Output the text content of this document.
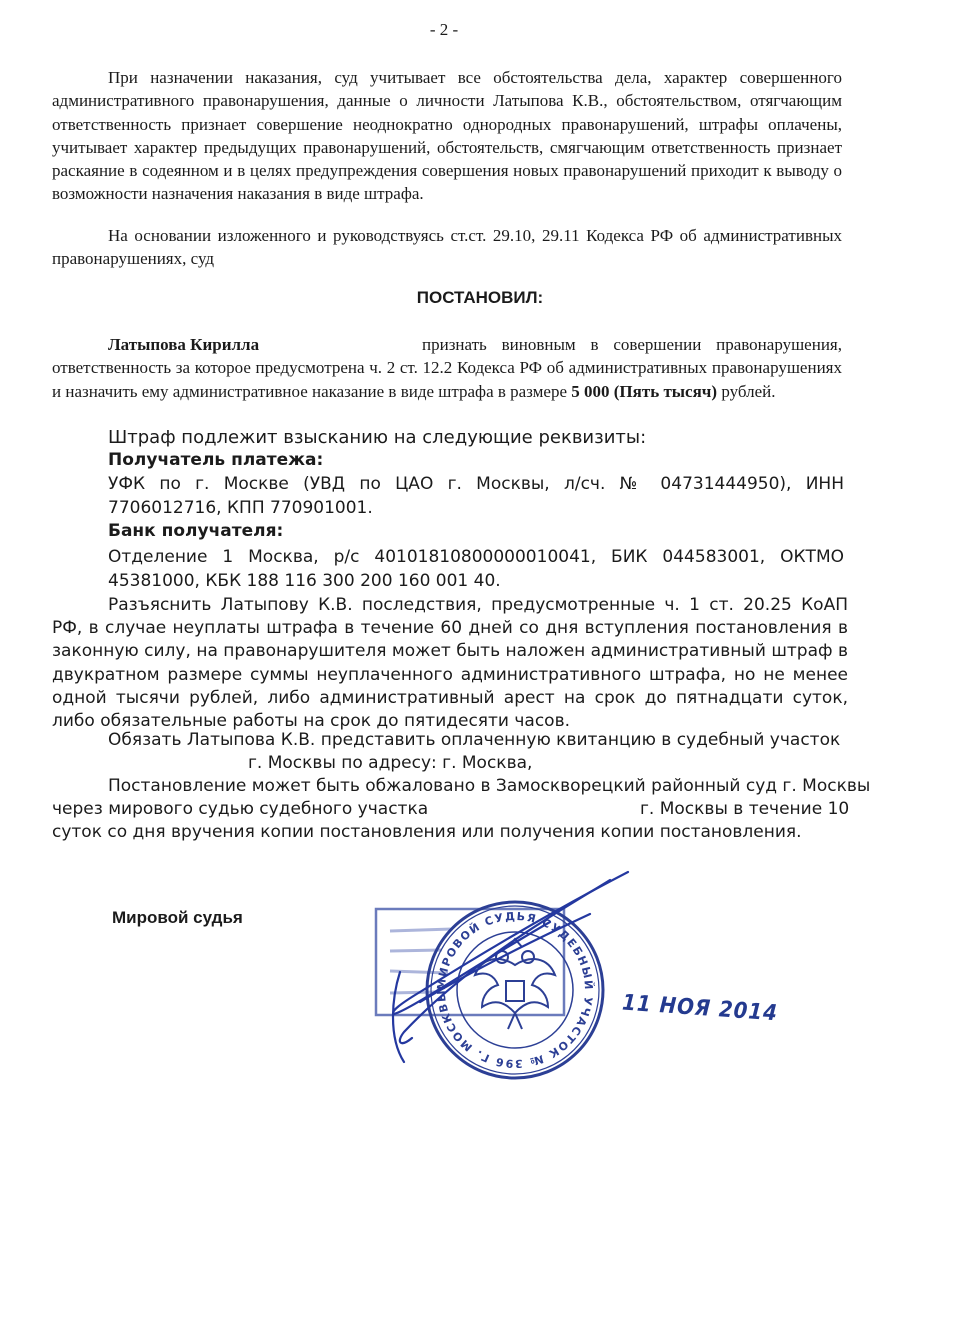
- 2 -

При назначении наказания, суд учитывает все обстоятельства дела, характер совершенного административного правонарушения, данные о личности Латыпова К.В., обстоятельством, отягчающим ответственность признает совершение неоднократно однородных правонарушений, штрафы оплачены, учитывает характер предыдущих правонарушений, обстоятельств, смягчающим ответственность признает раскаяние в содеянном и в целях предупреждения совершения новых правонарушений приходит к выводу о возможности назначения наказания в виде штрафа.

На основании изложенного и руководствуясь ст.ст. 29.10, 29.11 Кодекса РФ об административных правонарушениях, суд

ПОСТАНОВИЛ:
Латыпова Кирилла	признать виновным в совершении правонарушения, ответственность за которое предусмотрена ч. 2 ст. 12.2 Кодекса РФ об административных правонарушениях и назначить ему административное наказание в виде штрафа в размере 5 000 (Пять тысяч) рублей.

Штраф подлежит взысканию на следующие реквизиты:
Получатель платежа:

УФК по г. Москве (УВД по ЦАО г. Москвы, л/сч. № 04731444950), ИНН 7706012716, КПП 770901001.

Банк получателя:

Отделение 1 Москва, р/с 40101810800000010041, БИК 044583001, ОКТМО 45381000, КБК 188 116 300 200 160 001 40.

Разъяснить Латыпову К.В. последствия, предусмотренные ч. 1 ст. 20.25 КоАП РФ, в случае неуплаты штрафа в течение 60 дней со дня вступления постановления в законную силу, на правонарушителя может быть наложен административный штраф в двукратном размере суммы неуплаченного административного штрафа, но не менее одной тысячи рублей, либо административный арест на срок до пятнадцати суток, либо обязательные работы на срок до пятидесяти часов.

Обязать Латыпова К.В. представить оплаченную квитанцию в судебный участок
г. Москвы по адресу: г. Москва,
Постановление может быть обжаловано в Замоскворецкий районный суд г. Москвы
через мирового судью судебного участка	г. Москвы в течение 10
суток со дня вручения копии постановления или получения копии постановления.
Мировой судья
МИРОВОЙ СУДЬЯ СУДЕБНЫЙ УЧАСТОК № 396 Г. МОСКВЫ	11 НОЯ 2014
